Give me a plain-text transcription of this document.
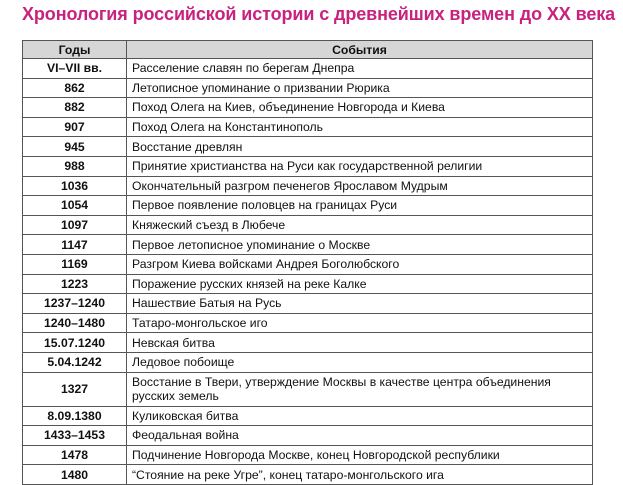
Хронология российской истории с древнейших времен до XX века
Годы	События
VI–VII вв.	Расселение славян по берегам Днепра
862	Летописное упоминание о призвании Рюрика
882	Поход Олега на Киев, объединение Новгорода и Киева
907	Поход Олега на Константинополь
945	Восстание древлян
988	Принятие христианства на Руси как государственной религии
1036	Окончательный разгром печенегов Ярославом Мудрым
1054	Первое появление половцев на границах Руси
1097	Княжеский съезд в Любече
1147	Первое летописное упоминание о Москве
1169	Разгром Киева войсками Андрея Боголюбского
1223	Поражение русских князей на реке Калке
1237–1240	Нашествие Батыя на Русь
1240–1480	Татаро-монгольское иго
15.07.1240	Невская битва
5.04.1242	Ледовое побоище
1327	Восстание в Твери, утверждение Москвы в качестве центра объединения русских земель
8.09.1380	Куликовская битва
1433–1453	Феодальная война
1478	Подчинение Новгорода Москве, конец Новгородской республики
1480	“Стояние на реке Угре”, конец татаро-монгольского ига
